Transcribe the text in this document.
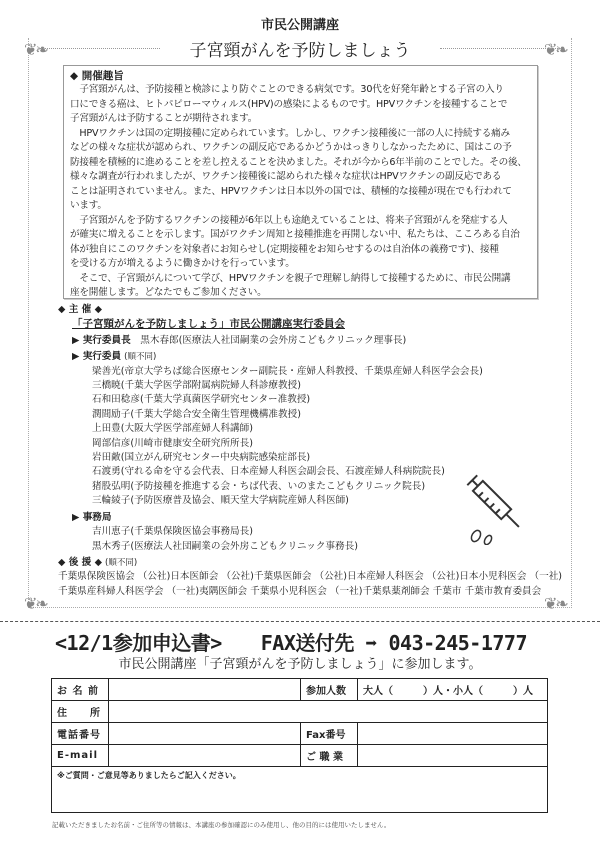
❦❧	❦❧
❦❧	❦❧
市民公開講座
子宮頸がんを予防しましょう
◆ 開催趣旨
　子宮頸がんは、予防接種と検診により防ぐことのできる病気です。30代を好発年齢とする子宮の入り
口にできる癌は、ヒトパピローマウィルス(HPV)の感染によるものです。HPVワクチンを接種することで
子宮頸がんは予防することが期待されます。
　HPVワクチンは国の定期接種に定められています。しかし、ワクチン接種後に一部の人に持続する痛み
などの様々な症状が認められ、ワクチンの副反応であるかどうかはっきりしなかったために、国はこの予
防接種を積極的に進めることを差し控えることを決めました。それが今から6年半前のことでした。その後、
様々な調査が行われましたが、ワクチン接種後に認められた様々な症状はHPVワクチンの副反応である
ことは証明されていません。また、HPVワクチンは日本以外の国では、積極的な接種が現在でも行われて
います。
　子宮頸がんを予防するワクチンの接種が6年以上も途絶えていることは、将来子宮頸がんを発症する人
が確実に増えることを示します。国がワクチン周知と接種推進を再開しない中、私たちは、こころある自治
体が独自にこのワクチンを対象者にお知らせし(定期接種をお知らせするのは自治体の義務です)、接種
を受ける方が増えるように働きかけを行っています。
　そこで、子宮頸がんについて学び、HPVワクチンを親子で理解し納得して接種するために、市民公開講
座を開催します。どなたでもご参加ください。
◆ 主 催 ◆
「子宮頸がんを予防しましょう」市民公開講座実行委員会
▶ 実行委員長　 黒木春郎(医療法人社団嗣業の会外房こどもクリニック理事長)
▶ 実行委員 (順不同)
梁善光(帝京大学ちば総合医療センター副院長・産婦人科教授、千葉県産婦人科医学会会長)
三橋暁(千葉大学医学部附属病院婦人科診療教授)
石和田稔彦(千葉大学真菌医学研究センター准教授)
潤間励子(千葉大学総合安全衛生管理機構准教授)
上田豊(大阪大学医学部産婦人科講師)
岡部信彦(川崎市健康安全研究所所長)
岩田敵(国立がん研究センター中央病院感染症部長)
石渡勇(守れる命を守る会代表、日本産婦人科医会副会長、石渡産婦人科病院院長)
猪股弘明(予防接種を推進する会・ちば代表、いのまたこどもクリニック院長)
三輪綾子(予防医療普及協会、順天堂大学病院産婦人科医師)
▶ 事務局
吉川恵子(千葉県保険医協会事務局長)
黒木秀子(医療法人社団嗣業の会外房こどもクリニック事務長)
◆ 後 援 ◆ (順不同)
千葉県保険医協会 （公社)日本医師会 （公社)千葉県医師会 （公社)日本産婦人科医会 （公社)日本小児科医会 （一社)
千葉県産科婦人科医学会 （一社)夷隅医師会 千葉県小児科医会 （一社)千葉県薬剤師会 千葉市 千葉市教育委員会
<12/1参加申込書>　　 FAX送付先 ➡ 043-245-1777
市民公開講座「子宮頸がんを予防しましょう」に参加します。
お 名 前		参加人数	大人（　　　）人・小人（　　　）人
住　　所			
電話番号		Fax番号	
E-mail		ご 職 業	
※ご質問・ご意見等ありましたらご記入ください。			
記載いただきましたお名前・ご住所等の情報は、本講座の参加確認にのみ使用し、他の目的には使用いたしません。
